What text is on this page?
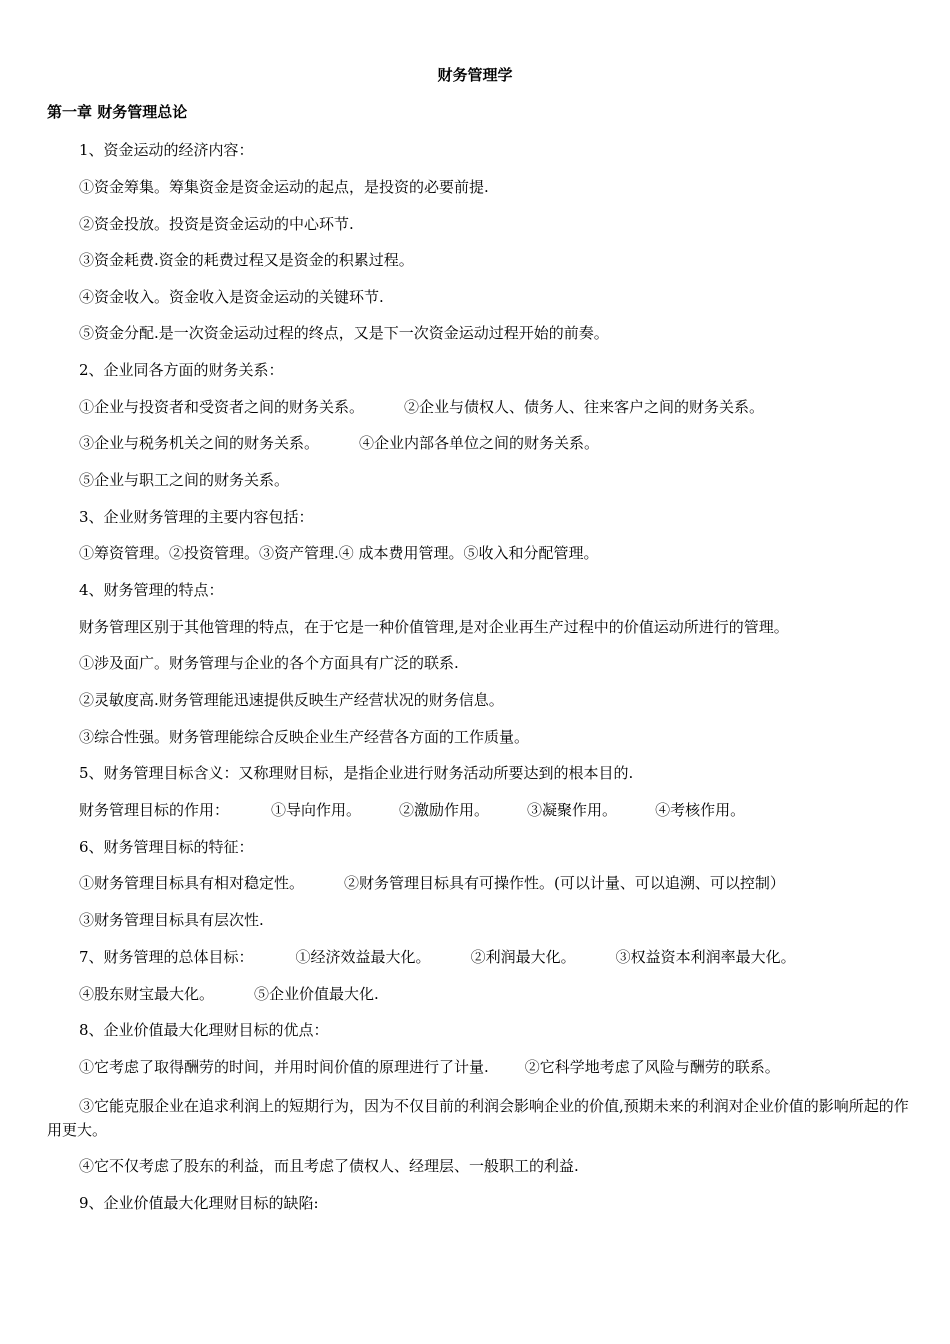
财务管理学
第一章 财务管理总论
1、资金运动的经济内容：
①资金筹集。筹集资金是资金运动的起点，是投资的必要前提.
②资金投放。投资是资金运动的中心环节.
③资金耗费.资金的耗费过程又是资金的积累过程。
④资金收入。资金收入是资金运动的关键环节.
⑤资金分配.是一次资金运动过程的终点，又是下一次资金运动过程开始的前奏。
2、企业同各方面的财务关系：
①企业与投资者和受资者之间的财务关系。	②企业与债权人、债务人、往来客户之间的财务关系。
③企业与税务机关之间的财务关系。	④企业内部各单位之间的财务关系。
⑤企业与职工之间的财务关系。
3、企业财务管理的主要内容包括：
①筹资管理。②投资管理。③资产管理.④ 成本费用管理。⑤收入和分配管理。
4、财务管理的特点：
财务管理区别于其他管理的特点，在于它是一种价值管理,是对企业再生产过程中的价值运动所进行的管理。
①涉及面广。财务管理与企业的各个方面具有广泛的联系.
②灵敏度高.财务管理能迅速提供反映生产经营状况的财务信息。
③综合性强。财务管理能综合反映企业生产经营各方面的工作质量。
5、财务管理目标含义：又称理财目标，是指企业进行财务活动所要达到的根本目的.
财务管理目标的作用：	①导向作用。	②激励作用。	③凝聚作用。	④考核作用。
6、财务管理目标的特征：
①财务管理目标具有相对稳定性。	②财务管理目标具有可操作性。(可以计量、可以追溯、可以控制）
③财务管理目标具有层次性.
7、财务管理的总体目标：	①经济效益最大化。	②利润最大化。	③权益资本利润率最大化。
④股东财宝最大化。	⑤企业价值最大化.
8、企业价值最大化理财目标的优点：
①它考虑了取得酬劳的时间，并用时间价值的原理进行了计量. ②它科学地考虑了风险与酬劳的联系。
③它能克服企业在追求利润上的短期行为，因为不仅目前的利润会影响企业的价值,预期未来的利润对企业价值的影响所起的作用更大。
④它不仅考虑了股东的利益，而且考虑了债权人、经理层、一般职工的利益.
9、企业价值最大化理财目标的缺陷:
